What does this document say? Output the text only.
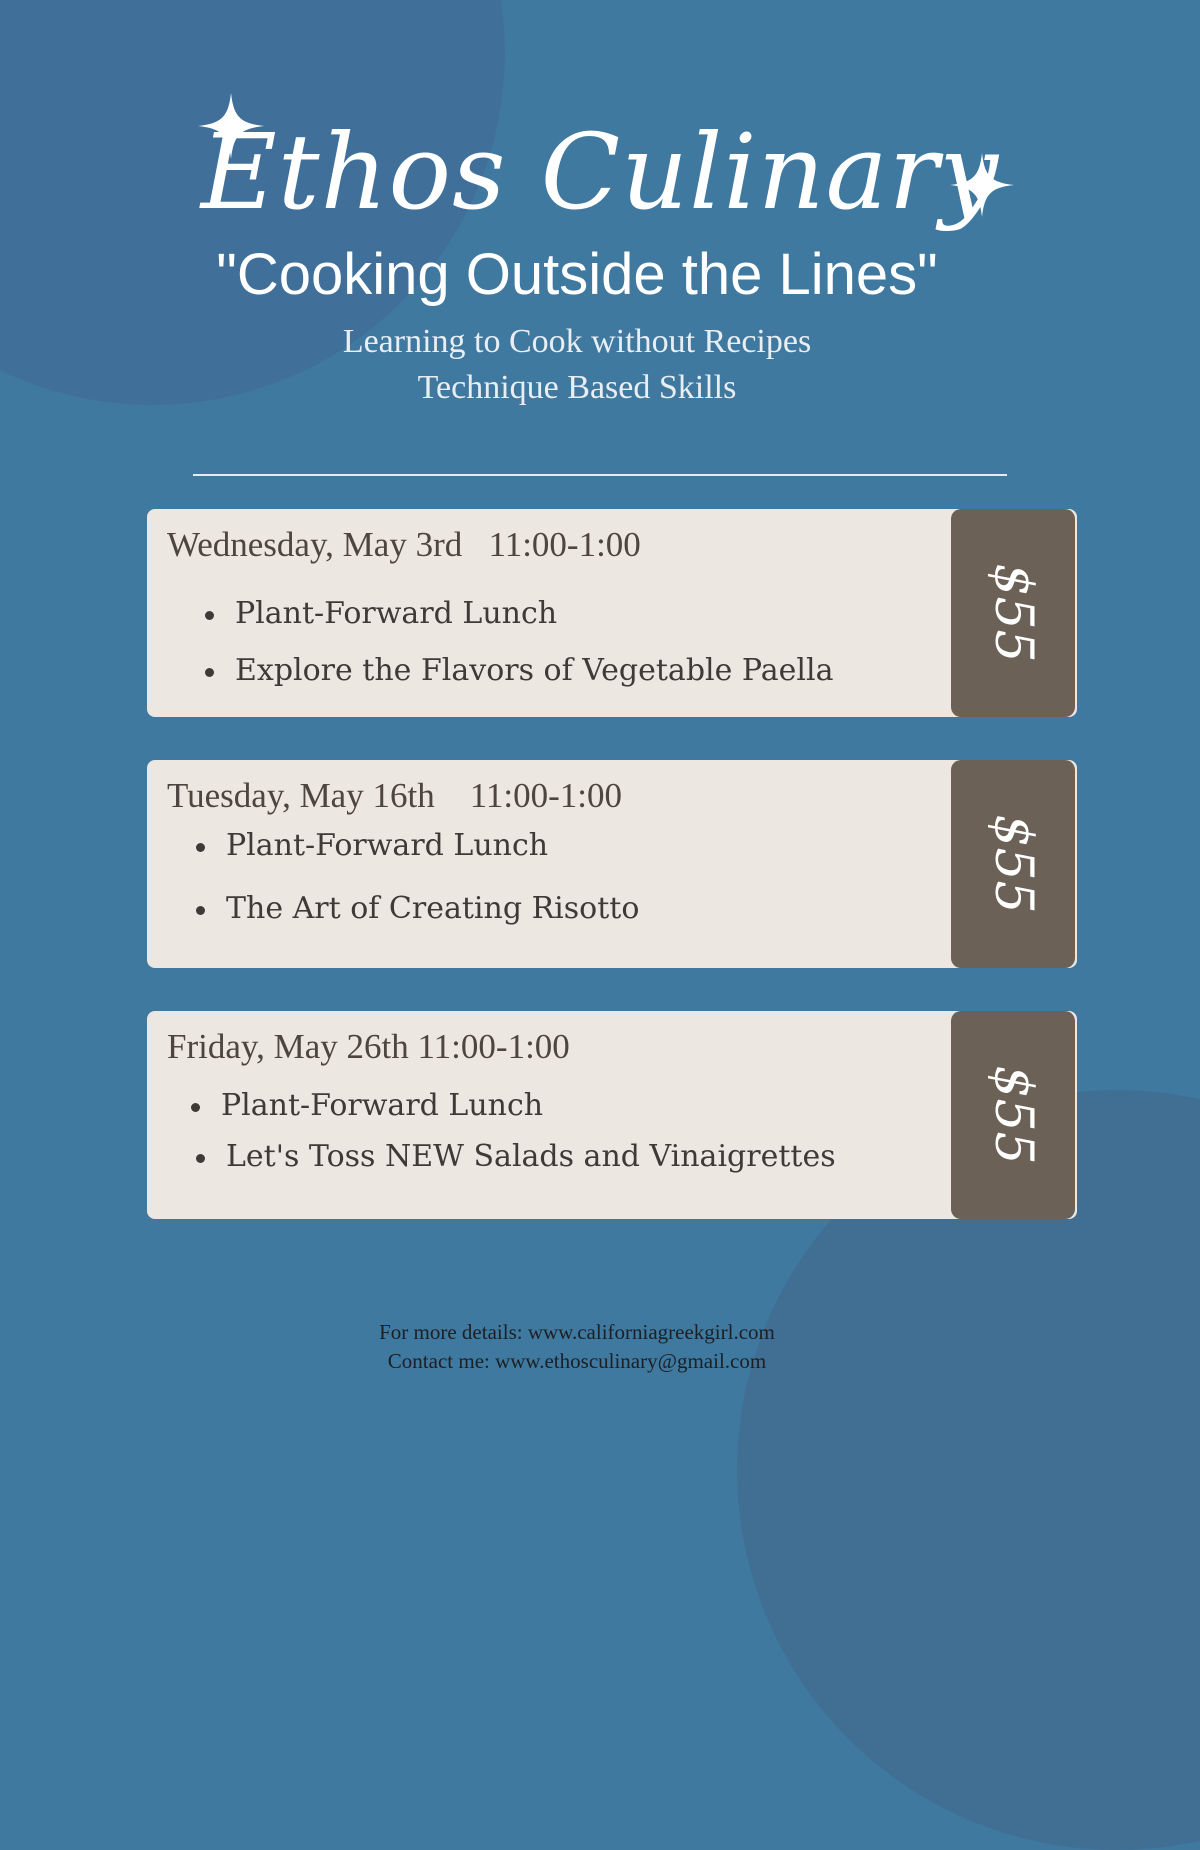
Ethos Culinary
"Cooking Outside the Lines"
Learning to Cook without Recipes
Technique Based Skills
Wednesday, May 3rd   11:00-1:00
Plant-Forward Lunch
Explore the Flavors of Vegetable Paella
$55
Tuesday, May 16th    11:00-1:00
Plant-Forward Lunch
The Art of Creating Risotto	$55
Friday, May 26th 11:00-1:00
Plant-Forward Lunch
Let's Toss NEW Salads and Vinaigrettes	$55
For more details: www.californiagreekgirl.com
Contact me: www.ethosculinary@gmail.com
